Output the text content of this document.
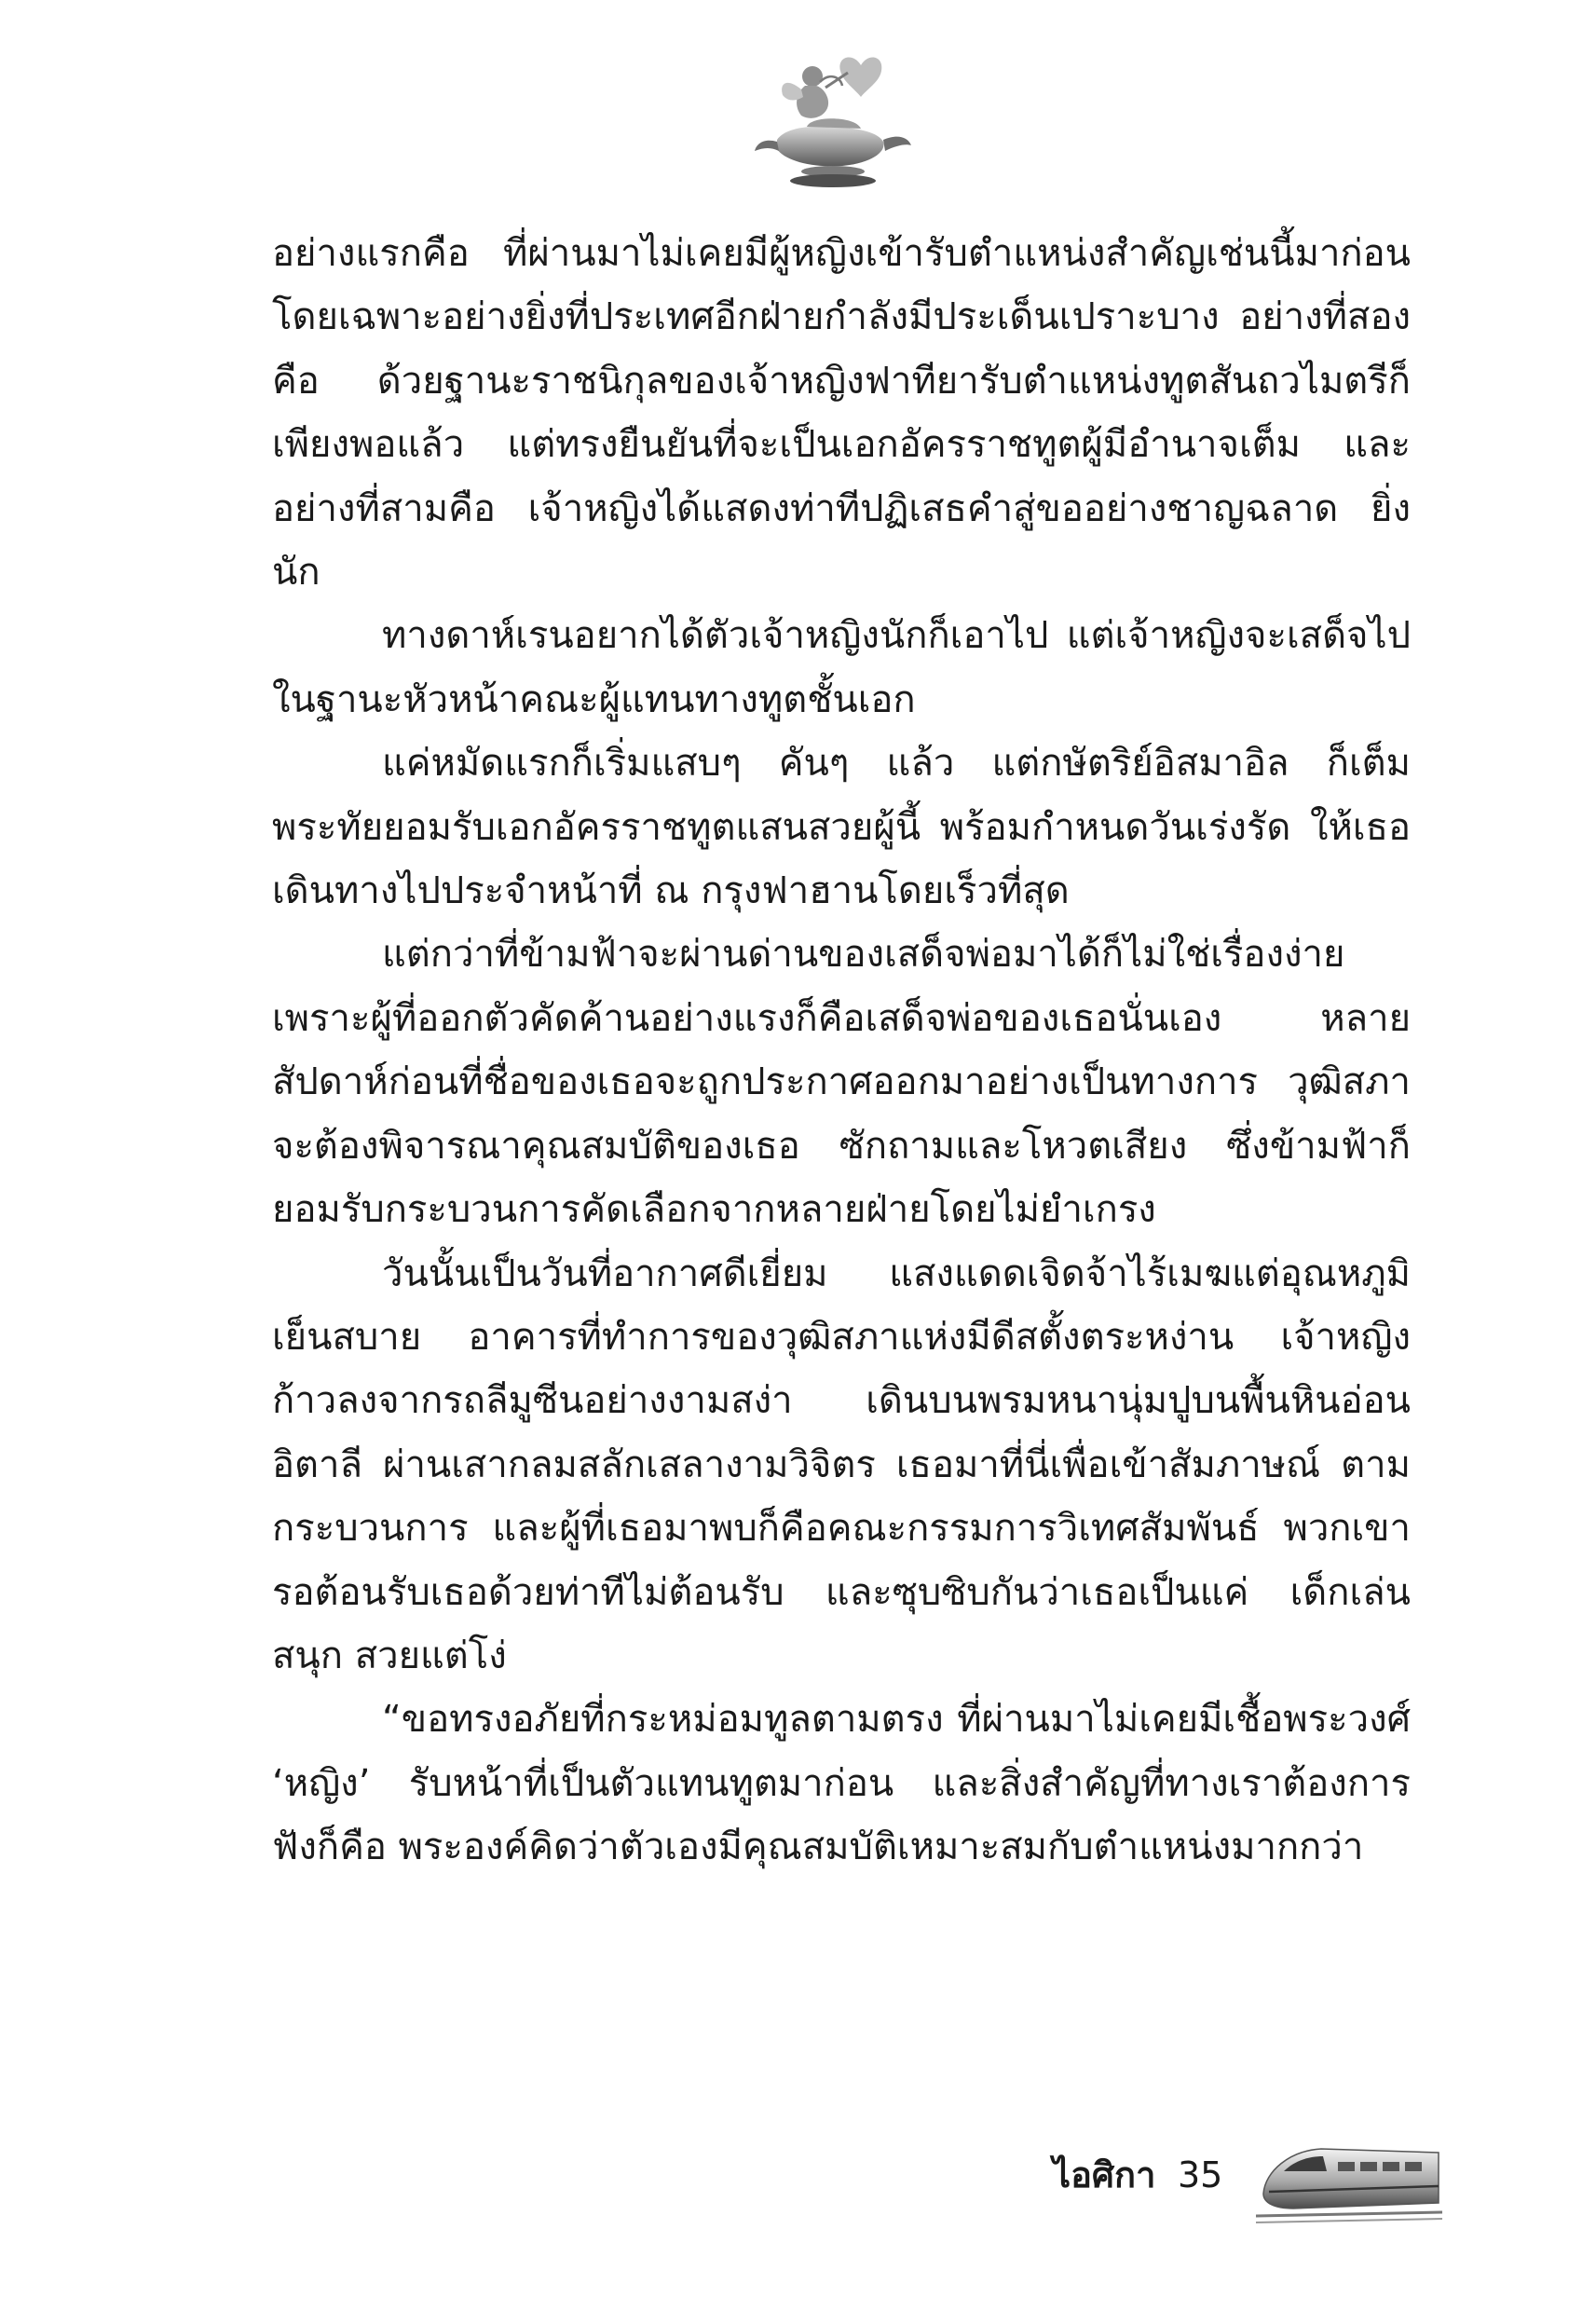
อย่างแรกคือ ที่ผ่านมาไม่เคยมีผู้หญิงเข้ารับตำแหน่งสำคัญเช่นนี้มาก่อน โดยเฉพาะอย่างยิ่งที่ประเทศอีกฝ่ายกำลังมีประเด็นเปราะบาง อย่างที่สอง คือ ด้วยฐานะราชนิกุลของเจ้าหญิงฟาทียารับตำแหน่งทูตสันถวไมตรีก็เพียงพอแล้ว แต่ทรงยืนยันที่จะเป็นเอกอัครราชทูตผู้มีอำนาจเต็ม และอย่างที่สามคือ เจ้าหญิงได้แสดงท่าทีปฏิเสธคำสู่ขออย่างชาญฉลาด ยิ่งนัก

ทางดาห์เรนอยากได้ตัวเจ้าหญิงนักก็เอาไป แต่เจ้าหญิงจะเสด็จไป ในฐานะหัวหน้าคณะผู้แทนทางทูตชั้นเอก

แค่หมัดแรกก็เริ่มแสบๆ คันๆ แล้ว แต่กษัตริย์อิสมาอิล ก็เต็มพระทัยยอมรับเอกอัครราชทูตแสนสวยผู้นี้ พร้อมกำหนดวันเร่งรัด ให้เธอเดินทางไปประจำหน้าที่ ณ กรุงฟาฮานโดยเร็วที่สุด

แต่กว่าที่ข้ามฟ้าจะผ่านด่านของเสด็จพ่อมาได้ก็ไม่ใช่เรื่องง่าย เพราะผู้ที่ออกตัวคัดค้านอย่างแรงก็คือเสด็จพ่อของเธอนั่นเอง หลายสัปดาห์ก่อนที่ชื่อของเธอจะถูกประกาศออกมาอย่างเป็นทางการ วุฒิสภาจะต้องพิจารณาคุณสมบัติของเธอ ซักถามและโหวตเสียง ซึ่งข้ามฟ้าก็ยอมรับกระบวนการคัดเลือกจากหลายฝ่ายโดยไม่ยำเกรง

วันนั้นเป็นวันที่อากาศดีเยี่ยม แสงแดดเจิดจ้าไร้เมฆแต่อุณหภูมิ เย็นสบาย อาคารที่ทำการของวุฒิสภาแห่งมีดีสตั้งตระหง่าน เจ้าหญิง ก้าวลงจากรถลีมูซีนอย่างงามสง่า เดินบนพรมหนานุ่มปูบนพื้นหินอ่อน อิตาลี ผ่านเสากลมสลักเสลางามวิจิตร เธอมาที่นี่เพื่อเข้าสัมภาษณ์ ตามกระบวนการ และผู้ที่เธอมาพบก็คือคณะกรรมการวิเทศสัมพันธ์ พวกเขารอต้อนรับเธอด้วยท่าทีไม่ต้อนรับ และซุบซิบกันว่าเธอเป็นแค่ เด็กเล่นสนุก สวยแต่โง่

“ขอทรงอภัยที่กระหม่อมทูลตามตรง ที่ผ่านมาไม่เคยมีเชื้อพระวงศ์ ‘หญิง’ รับหน้าที่เป็นตัวแทนทูตมาก่อน และสิ่งสำคัญที่ทางเราต้องการ ฟังก็คือ พระองค์คิดว่าตัวเองมีคุณสมบัติเหมาะสมกับตำแหน่งมากกว่า

ไอศิกา 35
